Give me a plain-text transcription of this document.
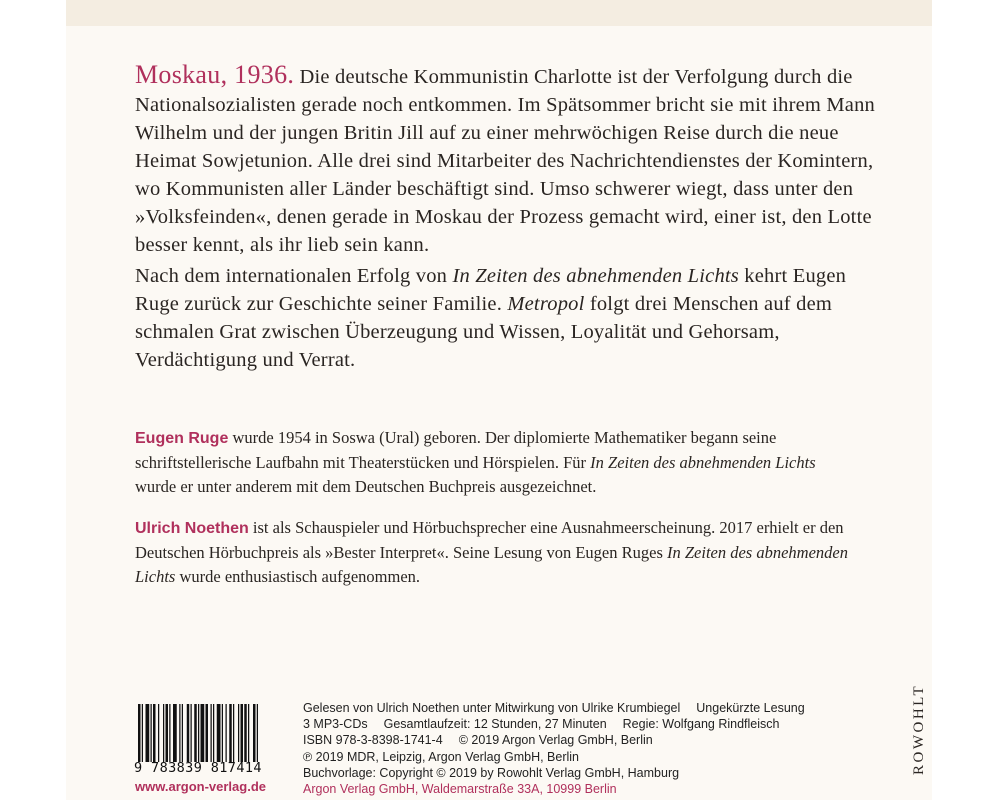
Moskau, 1936. Die deutsche Kommunistin Charlotte ist der Verfolgung durch die Nationalsozialisten gerade noch entkommen. Im Spätsommer bricht sie mit ihrem Mann Wilhelm und der jungen Britin Jill auf zu einer mehrwöchigen Reise durch die neue Heimat Sowjetunion. Alle drei sind Mitarbeiter des Nachrichtendienstes der Komintern, wo Kommunisten aller Länder beschäftigt sind. Umso schwerer wiegt, dass unter den »Volksfeinden«, denen gerade in Moskau der Prozess gemacht wird, einer ist, den Lotte besser kennt, als ihr lieb sein kann.

Nach dem internationalen Erfolg von In Zeiten des abnehmenden Lichts kehrt Eugen Ruge zurück zur Geschichte seiner Familie. Metropol folgt drei Menschen auf dem schmalen Grat zwischen Überzeugung und Wissen, Loyalität und Gehorsam, Verdächtigung und Verrat.

Eugen Ruge wurde 1954 in Soswa (Ural) geboren. Der diplomierte Mathematiker begann seine schriftstellerische Laufbahn mit Theaterstücken und Hörspielen. Für In Zeiten des abnehmenden Lichts wurde er unter anderem mit dem Deutschen Buchpreis ausgezeichnet.

Ulrich Noethen ist als Schauspieler und Hörbuchsprecher eine Ausnahmeerscheinung. 2017 erhielt er den Deutschen Hörbuchpreis als »Bester Interpret«. Seine Lesung von Eugen Ruges In Zeiten des abnehmenden Lichts wurde enthusiastisch aufgenommen.

9 783839 817414
www.argon-verlag.de
Gelesen von Ulrich Noethen unter Mitwirkung von Ulrike Krumbiegel Ungekürzte Lesung
3 MP3-CDs Gesamtlaufzeit: 12 Stunden, 27 Minuten Regie: Wolfgang Rindfleisch
ISBN 978-3-8398-1741-4 © 2019 Argon Verlag GmbH, Berlin
℗ 2019 MDR, Leipzig, Argon Verlag GmbH, Berlin
Buchvorlage: Copyright © 2019 by Rowohlt Verlag GmbH, Hamburg
Argon Verlag GmbH, Waldemarstraße 33A, 10999 Berlin
ROWOHLT
